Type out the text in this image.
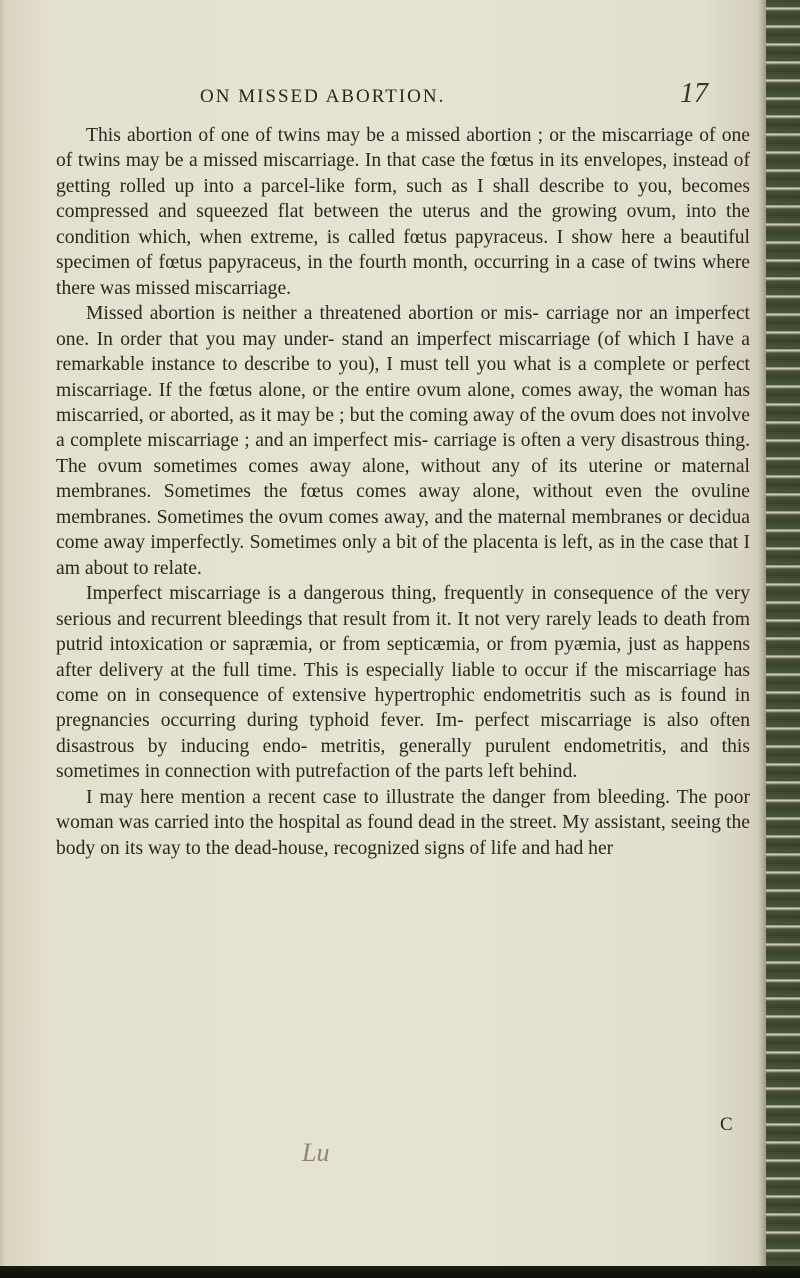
ON MISSED ABORTION.	17

This abortion of one of twins may be a missed abortion ; or the miscarriage of one of twins may be a missed miscarriage. In that case the fœtus in its envelopes, instead of getting rolled up into a parcel-like form, such as I shall describe to you, becomes compressed and squeezed flat between the uterus and the growing ovum, into the condition which, when extreme, is called fœtus papyraceus. I show here a beautiful specimen of fœtus papyraceus, in the fourth month, occurring in a case of twins where there was missed miscarriage.

Missed abortion is neither a threatened abortion or mis- carriage nor an imperfect one. In order that you may under- stand an imperfect miscarriage (of which I have a remarkable instance to describe to you), I must tell you what is a complete or perfect miscarriage. If the fœtus alone, or the entire ovum alone, comes away, the woman has miscarried, or aborted, as it may be ; but the coming away of the ovum does not involve a complete miscarriage ; and an imperfect mis- carriage is often a very disastrous thing. The ovum sometimes comes away alone, without any of its uterine or maternal membranes. Sometimes the fœtus comes away alone, without even the ovuline membranes. Sometimes the ovum comes away, and the maternal membranes or decidua come away imperfectly. Sometimes only a bit of the placenta is left, as in the case that I am about to relate.

Imperfect miscarriage is a dangerous thing, frequently in consequence of the very serious and recurrent bleedings that result from it. It not very rarely leads to death from putrid intoxication or sapræmia, or from septicæmia, or from pyæmia, just as happens after delivery at the full time. This is especially liable to occur if the miscarriage has come on in consequence of extensive hypertrophic endometritis such as is found in pregnancies occurring during typhoid fever. Im- perfect miscarriage is also often disastrous by inducing endo- metritis, generally purulent endometritis, and this sometimes in connection with putrefaction of the parts left behind.

I may here mention a recent case to illustrate the danger from bleeding. The poor woman was carried into the hospital as found dead in the street. My assistant, seeing the body on its way to the dead-house, recognized signs of life and had her

C
Lu
